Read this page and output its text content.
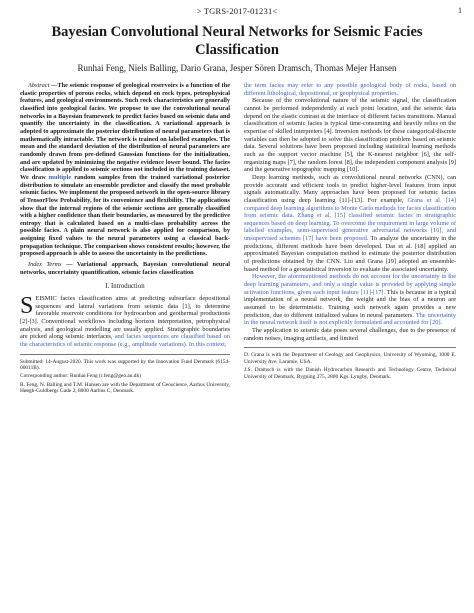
> TGRS-2017-01231<	1
Bayesian Convolutional Neural Networks for Seismic Facies Classification
Runhai Feng, Niels Balling, Dario Grana, Jesper Sören Dramsch, Thomas Mejer Hansen

Abstract —The seismic response of geological reservoirs is a function of the elastic properties of porous rocks, which depend on rock types, petrophysical features, and geological environments. Such rock characteristics are generally classified into geological facies. We propose to use the convolutional neural networks in a Bayesian framework to predict facies based on seismic data and quantify the uncertainty in the classification. A variational approach is adopted to approximate the posterior distribution of neural parameters that is mathematically intractable. The network is trained on labelled examples. The mean and the standard deviation of the distribution of neural parameters are randomly drawn from pre-defined Gaussian functions for the initialization, and are updated by minimizing the negative evidence lower bound. The facies classification is applied to seismic sections not included in the training dataset. We draw multiple random samples from the trained variational posterior distribution to simulate an ensemble predictor and classify the most probable seismic facies. We implement the proposed network in the open-source library of TensorFlow Probability, for its convenience and flexibility. The applications show that the internal regions of the seismic sections are generally classified with a higher confidence than their boundaries, as measured by the predictive entropy that is calculated based on a multi-class probability across the possible facies. A plain neural network is also applied for comparison, by assigning fixed values to the neural parameters using a classical back-propagation technique. The comparison shows consistent results; however, the proposed approach is able to assess the uncertainty in the predictions.

Index Terms — Variational approach, Bayesian convolutional neural networks, uncertainty quantification, seismic facies classification

I. Introduction

SEISMIC facies classification aims at predicting subsurface depositional sequences and lateral variations from seismic data [1], to determine favorable reservoir conditions for hydrocarbon and geothermal productions [2]-[3]. Conventional workflows including horizon interpretation, petrophysical analysis, and geological modelling are usually applied. Stratigraphic boundaries are picked along seismic interfaces, and facies sequences are classified based on the characteristics of seismic response (e.g., amplitude variations). In this context,

Submitted: 14-August-2020. This work was supported by the Innovation Fund Denmark (6154-00011B).

Corresponding author: Runhai Feng (r.feng@geo.au.dk)

R. Feng, N. Balling and T.M. Hansen are with the Department of Geoscience, Aarhus University, Høegh-Guldbergs Gade 2, 8000 Aarhus C, Denmark.

the term facies may refer to any possible geological body of rocks, based on different lithological, depositional, or geophysical properties.

Because of the convolutional nature of the seismic signal, the classification cannot be performed independently at each point location, and the seismic data depend on the elastic contrast at the interface of different facies transitions. Manual classification of seismic facies is typical time-consuming and heavily relies on the expertise of skilled interpreters [4]. Inversion methods for these categorical/discrete variables can then be adopted to solve this classification problem based on seismic data. Several solutions have been proposed including statistical learning methods such as the support vector machine [5], the K-nearest neighbor [6], the self-organizing maps [7], the random forest [8], the independent component analysis [9] and the generative topographic mapping [10].

Deep learning methods, such as convolutional neural networks (CNN), can provide accurate and efficient tools to predict higher-level features from input signals automatically. Many approaches have been proposed for seismic facies classification using deep learning [11]-[13]. For example, Grana et al. [14] compared deep learning algorithms to Monte Carlo methods for facies classification from seismic data. Zhang et al. [15] classified seismic facies in stratigraphic sequences based on deep learning. To overcome the requirement in large volume of labelled examples, semi-supervised generative adversarial networks [16], and unsupervised schemes [17] have been proposed. To analyze the uncertainty in the predictions, different methods have been developed. Das et al. [18] applied an approximated Bayesian computation method to estimate the posterior distribution of predictions obtained by the CNN. Liu and Grana [19] adopted an ensemble-based method for a geostatistical inversion to evaluate the associated uncertainty.

However, the aforementioned methods do not account for the uncertainty in the deep learning parameters, and only a single value is provided by applying simple activation functions, given each input feature [11]-[17]. This is because in a typical implementation of a neural network, the weight and the bias of a neuron are assumed to be deterministic. Training such network again provides a new prediction, due to different initialized values in neural parameters. The uncertainty in the neural network itself is not explicitly formulated and accounted for [20].

The application to seismic data poses several challenges, due to the presence of random noises, imaging artifacts, and limited

D. Grana is with the Department of Geology and Geophysics, University of Wyoming, 1000 E. University Ave, Laramie, USA.

J.S. Dramsch is with the Danish Hydrocarbon Research and Technology Centre, Technical University of Denmark, Bygning 375, 2800 Kgs. Lyngby, Denmark.
